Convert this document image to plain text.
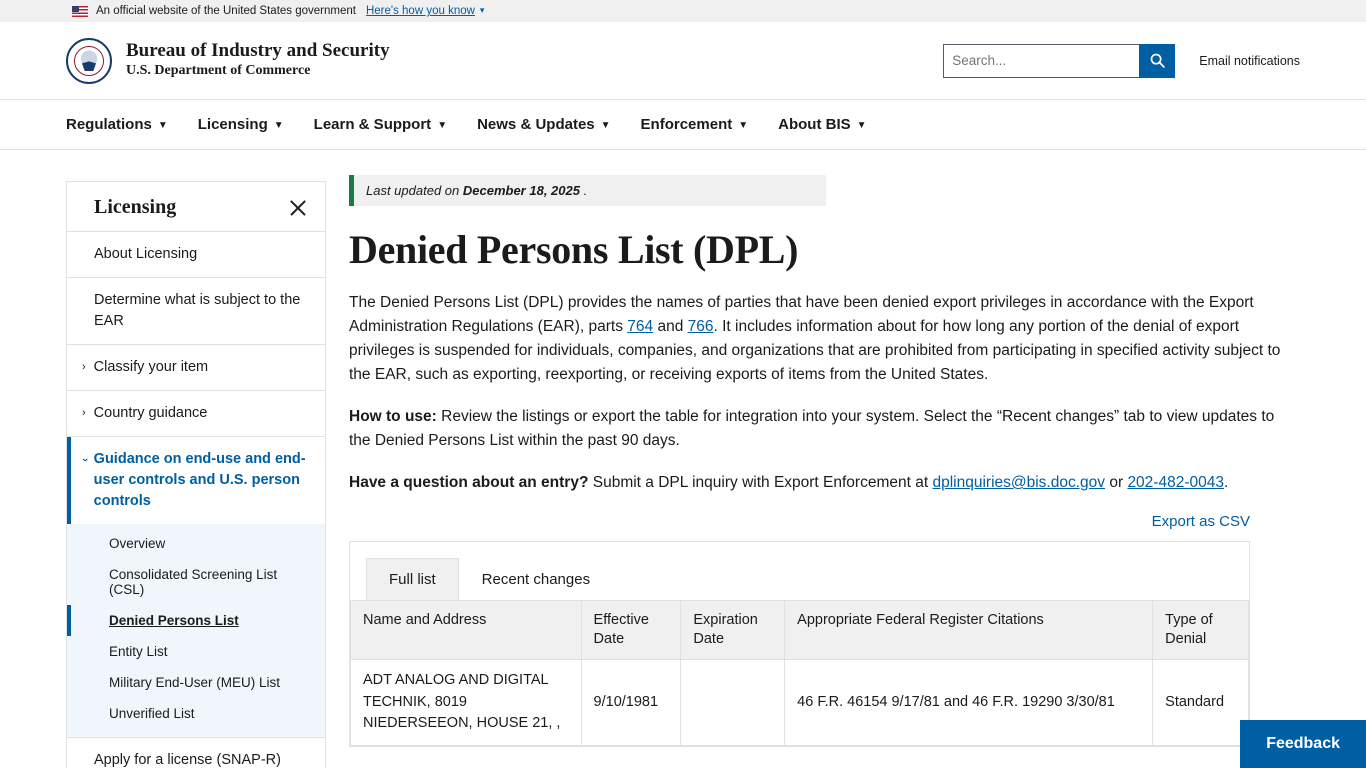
An official website of the United States government Here's how you know ▾
Bureau of Industry and Security
U.S. Department of Commerce
Search...
Email notifications
Regulations ▼ Licensing ▼ Learn & Support ▼ News & Updates ▼ Enforcement ▼ About BIS ▼
Licensing
About Licensing
Determine what is subject to the EAR
› Classify your item
› Country guidance
› Guidance on end-use and end-user controls and U.S. person controls
Overview
Consolidated Screening List (CSL)
Denied Persons List
Entity List
Military End-User (MEU) List
Unverified List
Apply for a license (SNAP-R)
Last updated on December 18, 2025 .
Denied Persons List (DPL)

The Denied Persons List (DPL) provides the names of parties that have been denied export privileges in accordance with the Export Administration Regulations (EAR), parts 764 and 766. It includes information about for how long any portion of the denial of export privileges is suspended for individuals, companies, and organizations that are prohibited from participating in specified activity subject to the EAR, such as exporting, reexporting, or receiving exports of items from the United States.

How to use: Review the listings or export the table for integration into your system. Select the “Recent changes” tab to view updates to the Denied Persons List within the past 90 days.

Have a question about an entry? Submit a DPL inquiry with Export Enforcement at dplinquiries@bis.doc.gov or 202-482-0043.

Export as CSV
Full list	Recent changes
Name and Address	Effective Date	Expiration Date	Appropriate Federal Register Citations	Type of Denial
ADT ANALOG AND DIGITAL TECHNIK, 8019 NIEDERSEEON, HOUSE 21, ,	9/10/1981		46 F.R. 46154 9/17/81 and 46 F.R. 19290 3/30/81	Standard
Feedback
